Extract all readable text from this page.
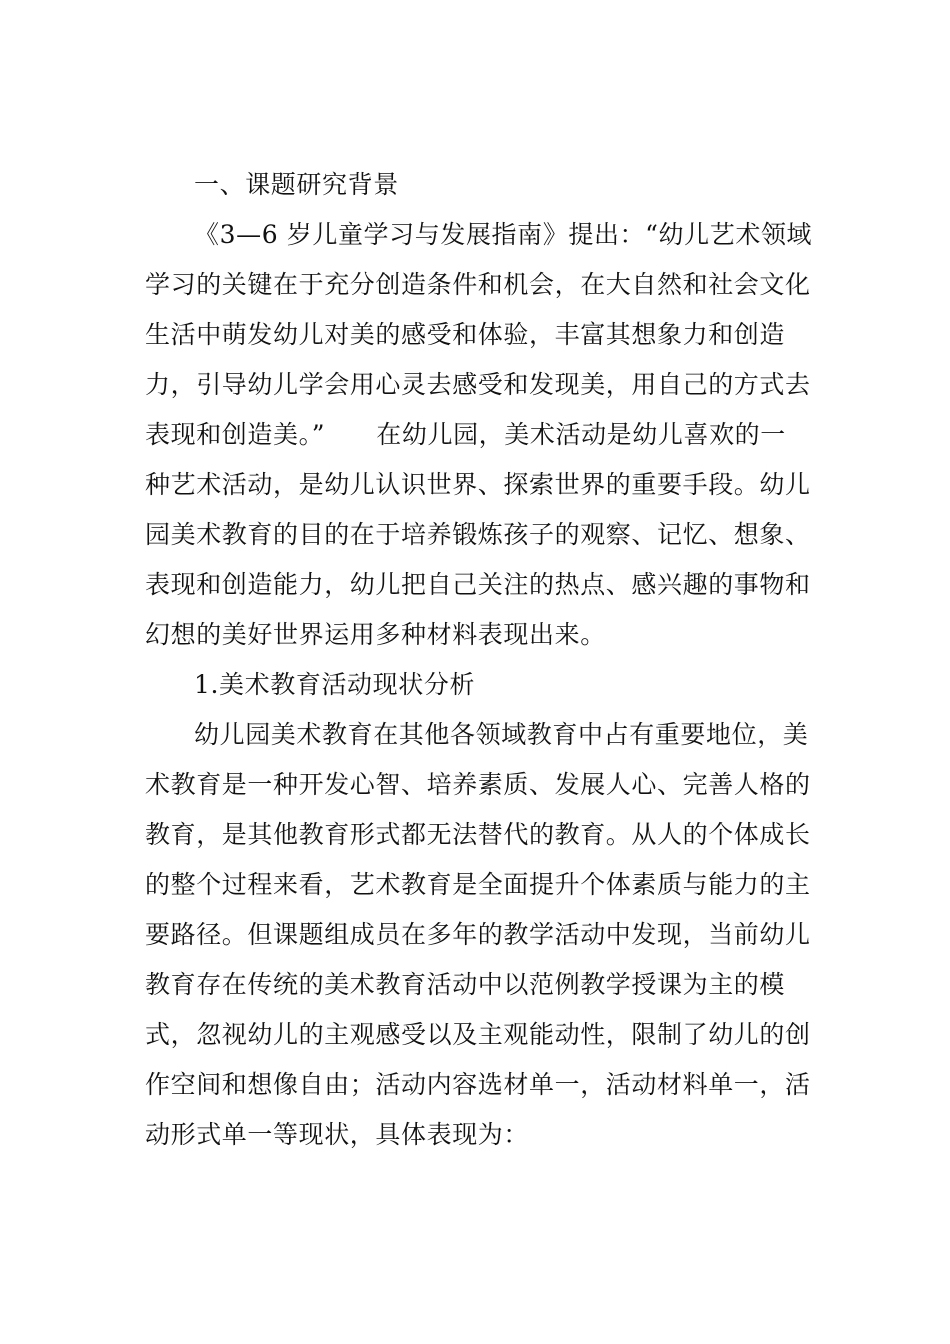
一、课题研究背景
《3—6 岁儿童学习与发展指南》提出：“幼儿艺术领域
学习的关键在于充分创造条件和机会，在大自然和社会文化
生活中萌发幼儿对美的感受和体验，丰富其想象力和创造
力，引导幼儿学会用心灵去感受和发现美，用自己的方式去
表现和创造美。”　　在幼儿园，美术活动是幼儿喜欢的一
种艺术活动，是幼儿认识世界、探索世界的重要手段。幼儿
园美术教育的目的在于培养锻炼孩子的观察、记忆、想象、
表现和创造能力，幼儿把自己关注的热点、感兴趣的事物和
幻想的美好世界运用多种材料表现出来。
1.美术教育活动现状分析
幼儿园美术教育在其他各领域教育中占有重要地位，美
术教育是一种开发心智、培养素质、发展人心、完善人格的
教育，是其他教育形式都无法替代的教育。从人的个体成长
的整个过程来看，艺术教育是全面提升个体素质与能力的主
要路径。但课题组成员在多年的教学活动中发现，当前幼儿
教育存在传统的美术教育活动中以范例教学授课为主的模
式，忽视幼儿的主观感受以及主观能动性，限制了幼儿的创
作空间和想像自由；活动内容选材单一，活动材料单一，活
动形式单一等现状，具体表现为：
